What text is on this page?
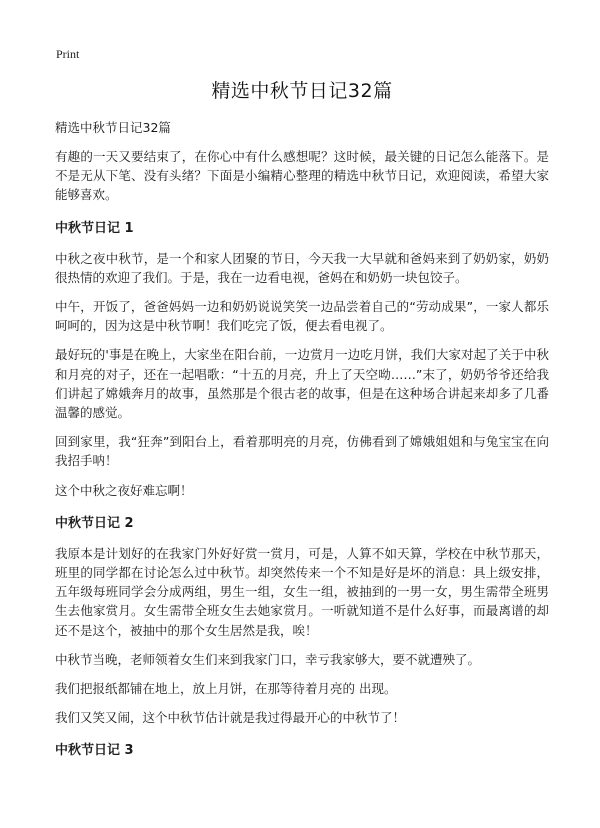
Print
精选中秋节日记32篇

精选中秋节日记32篇

有趣的一天又要结束了，在你心中有什么感想呢？这时候，最关键的日记怎么能落下。是不是无从下笔、没有头绪？下面是小编精心整理的精选中秋节日记，欢迎阅读，希望大家能够喜欢。

中秋节日记 1

中秋之夜中秋节，是一个和家人团聚的节日，今天我一大早就和爸妈来到了奶奶家，奶奶很热情的欢迎了我们。于是，我在一边看电视，爸妈在和奶奶一块包饺子。

中午，开饭了，爸爸妈妈一边和奶奶说说笑笑一边品尝着自己的“劳动成果”，一家人都乐呵呵的，因为这是中秋节啊！我们吃完了饭，便去看电视了。

最好玩的'事是在晚上，大家坐在阳台前，一边赏月一边吃月饼，我们大家对起了关于中秋和月亮的对子，还在一起唱歌：“十五的月亮，升上了天空呦……”末了，奶奶爷爷还给我们讲起了嫦娥奔月的故事，虽然那是个很古老的故事，但是在这种场合讲起来却多了几番温馨的感觉。

回到家里，我“狂奔”到阳台上，看着那明亮的月亮，仿佛看到了嫦娥姐姐和与兔宝宝在向我招手呐！

这个中秋之夜好难忘啊！

中秋节日记 2

我原本是计划好的在我家门外好好赏一赏月，可是，人算不如天算，学校在中秋节那天，班里的同学都在讨论怎么过中秋节。却突然传来一个不知是好是坏的消息：具上级安排，五年级每班同学会分成两组，男生一组，女生一组，被抽到的一男一女，男生需带全班男生去他家赏月。女生需带全班女生去她家赏月。一听就知道不是什么好事，而最离谱的却还不是这个，被抽中的那个女生居然是我，唉！

中秋节当晚，老师领着女生们来到我家门口，幸亏我家够大，要不就遭殃了。

我们把报纸都铺在地上，放上月饼，在那等待着月亮的 出现。

我们又笑又闹，这个中秋节估计就是我过得最开心的中秋节了！

中秋节日记 3
